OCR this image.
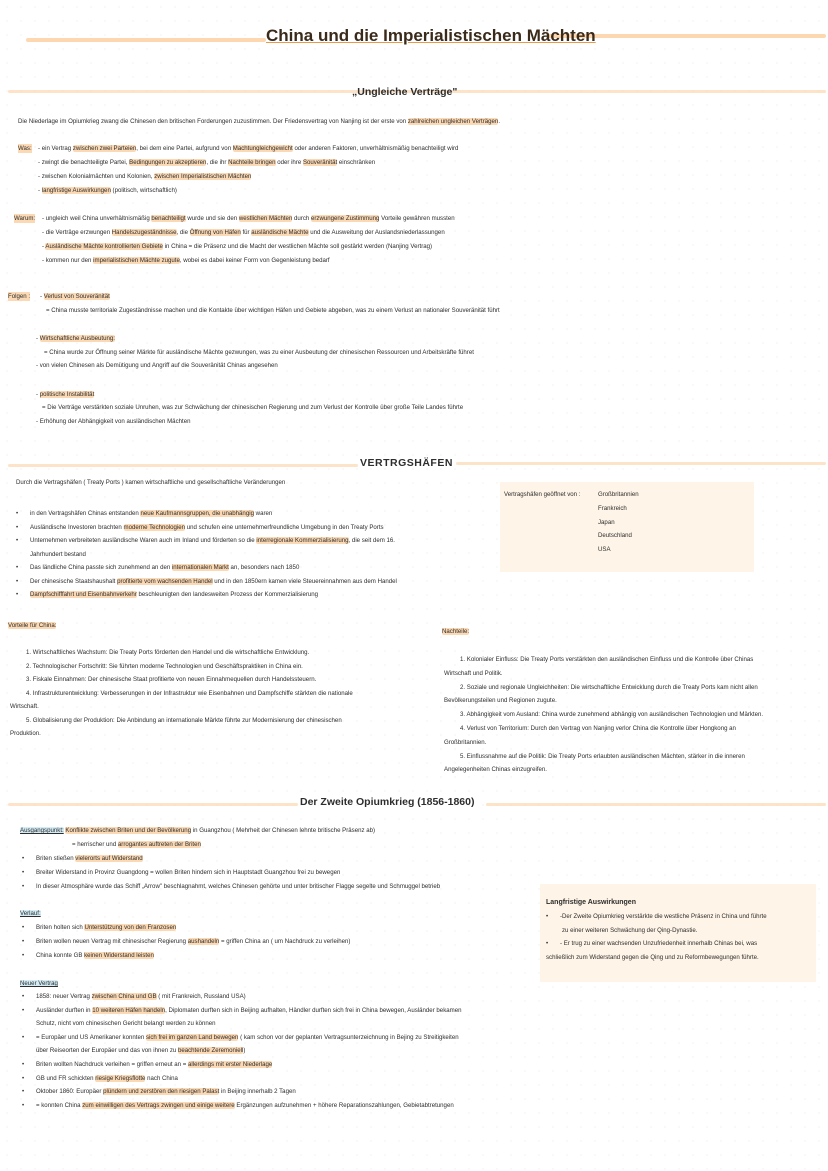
China und die Imperialistischen Mächten
„Ungleiche Verträge"
Die Niederlage im Opiumkrieg zwang die Chinesen den britischen Forderungen zuzustimmen. Der Friedensvertrag von Nanjing ist der erste von zahlreichen ungleichen Verträgen.
Was: - ein Vertrag zwischen zwei Parteien, bei dem eine Partei, aufgrund von Machtungleichgewicht oder anderen Faktoren, unverhältnismäßig benachteiligt wird
- zwingt die benachteiligte Partei, Bedingungen zu akzeptieren, die ihr Nachteile bringen oder ihre Souveränität einschränken
- zwischen Kolonialmächten und Kolonien, zwischen Imperialistischen Mächten
- langfristige Auswirkungen (politisch, wirtschaftlich)
Warum: - ungleich weil China unverhältnismäßig benachteiligt wurde und sie den westlichen Mächten durch erzwungene Zustimmung Vorteile gewähren mussten
- die Verträge erzwungen Handelszugeständnisse, die Öffnung von Häfen für ausländische Mächte und die Ausweitung der Auslandsniederlassungen
- Ausländische Mächte kontrollierten Gebiete in China = die Präsenz und die Macht der westlichen Mächte soll gestärkt werden (Nanjing Vertrag)
- kommen nur den imperialistischen Mächte zugute, wobei es dabei keiner Form von Gegenleistung bedarf
Folgen : - Verlust von Souveränität
= China musste territoriale Zugeständnisse machen und die Kontakte über wichtigen Häfen und Gebiete abgeben, was zu einem Verlust an nationaler Souveränität führt
- Wirtschaftliche Ausbeutung:
= China wurde zur Öffnung seiner Märkte für ausländische Mächte gezwungen, was zu einer Ausbeutung der chinesischen Ressourcen und Arbeitskräfte führet
- von vielen Chinesen als Demütigung und Angriff auf die Souveränität Chinas angesehen
- politische Instabilität
= Die Verträge verstärkten soziale Unruhen, was zur Schwächung der chinesischen Regierung und zum Verlust der Kontrolle über große Teile Landes führte
- Erhöhung der Abhängigkeit von ausländischen Mächten
VERTRGSHÄFEN
Durch die Vertragshäfen ( Treaty Ports ) kamen wirtschaftliche und gesellschaftliche Veränderungen
• in den Vertragshäfen Chinas entstanden neue Kaufmannsgruppen, die unabhängig waren
• Ausländische Investoren brachten moderne Technologien und schufen eine unternehmerfreundliche Umgebung in den Treaty Ports
• Unternehmen verbreiteten ausländische Waren auch im Inland und förderten so die interregionale Kommerzialisierung, die seit dem 16.
Jahrhundert bestand
• Das ländliche China passte sich zunehmend an den internationalen Markt an, besonders nach 1850
• Der chinesische Staatshaushalt profitierte vom wachsenden Handel und in den 1850ern kamen viele Steuereinnahmen aus dem Handel
• Dampfschifffahrt und Eisenbahnverkehr beschleunigten den landesweiten Prozess der Kommerzialisierung
Vertragshäfen geöffnet von :	Großbritannien
Frankreich
Japan
Deutschland
USA
Vorteile für China:
1. Wirtschaftliches Wachstum: Die Treaty Ports förderten den Handel und die wirtschaftliche Entwicklung.
2. Technologischer Fortschritt: Sie führten moderne Technologien und Geschäftspraktiken in China ein.
3. Fiskale Einnahmen: Der chinesische Staat profitierte von neuen Einnahmequellen durch Handelssteuern.
4. Infrastrukturentwicklung: Verbesserungen in der Infrastruktur wie Eisenbahnen und Dampfschiffe stärkten die nationale
Wirtschaft.
5. Globalisierung der Produktion: Die Anbindung an internationale Märkte führte zur Modernisierung der chinesischen
Produktion.
Nachteile:
1. Kolonialer Einfluss: Die Treaty Ports verstärkten den ausländischen Einfluss und die Kontrolle über Chinas
Wirtschaft und Politik.
2. Soziale und regionale Ungleichheiten: Die wirtschaftliche Entwicklung durch die Treaty Ports kam nicht allen
Bevölkerungsteilen und Regionen zugute.
3. Abhängigkeit vom Ausland: China wurde zunehmend abhängig von ausländischen Technologien und Märkten.
4. Verlust von Territorium: Durch den Vertrag von Nanjing verlor China die Kontrolle über Hongkong an
Großbritannien.
5. Einflussnahme auf die Politik: Die Treaty Ports erlaubten ausländischen Mächten, stärker in die inneren
Angelegenheiten Chinas einzugreifen.
Der Zweite Opiumkrieg (1856-1860)
Ausgangspunkt: Konflikte zwischen Briten und der Bevölkerung in Guangzhou ( Mehrheit der Chinesen lehnte britische Präsenz ab)
= herrischer und arrogantes auftreten der Briten
• Briten stießen vielerorts auf Widerstand
• Breiter Widerstand in Provinz Guangdong = wollen Briten hindern sich in Hauptstadt Guangzhou frei zu bewegen
• In dieser Atmosphäre wurde das Schiff „Arrow" beschlagnahmt, welches Chinesen gehörte und unter britischer Flagge segelte und Schmuggel betrieb
Verlauf:
• Briten holten sich Unterstützung von den Franzosen
• Briten wollen neuen Vertrag mit chinesischer Regierung aushandeln = griffen China an ( um Nachdruck zu verleihen)
• China konnte GB keinen Widerstand leisten
Neuer Vertrag
• 1858: neuer Vertrag zwischen China und GB ( mit Frankreich, Russland USA)
• Ausländer durften in 10 weiteren Häfen handeln, Diplomaten durften sich in Beijing aufhalten, Händler durften sich frei in China bewegen, Ausländer bekamen
Schutz, nicht vom chinesischen Gericht belangt werden zu können
• = Europäer und US Amerikaner konnten sich frei im ganzen Land bewegen ( kam schon vor der geplanten Vertragsunterzeichnung in Bejing zu Streitigkeiten
über Reiseorten der Europäer und das von ihnen zu beachtende Zeremoniell)
• Briten wollten Nachdruck verleihen = griffen erneut an = allerdings mit erster Niederlage
• GB und FR schickten riesige Kriegsflotte nach China
• Oktober 1860: Europäer plündern und zerstören den riesigen Palast in Beijing innerhalb 2 Tagen
• = konnten China zum einwilligen des Vertrags zwingen und einige weitere Ergänzungen aufzunehmen + höhere Reparationszahlungen, Gebietabtretungen
Langfristige Auswirkungen
• -Der Zweite Opiumkrieg verstärkte die westliche Präsenz in China und führte
zu einer weiteren Schwächung der Qing-Dynastie.
• - Er trug zu einer wachsenden Unzufriedenheit innerhalb Chinas bei, was
schließlich zum Widerstand gegen die Qing und zu Reformbewegungen führte.
